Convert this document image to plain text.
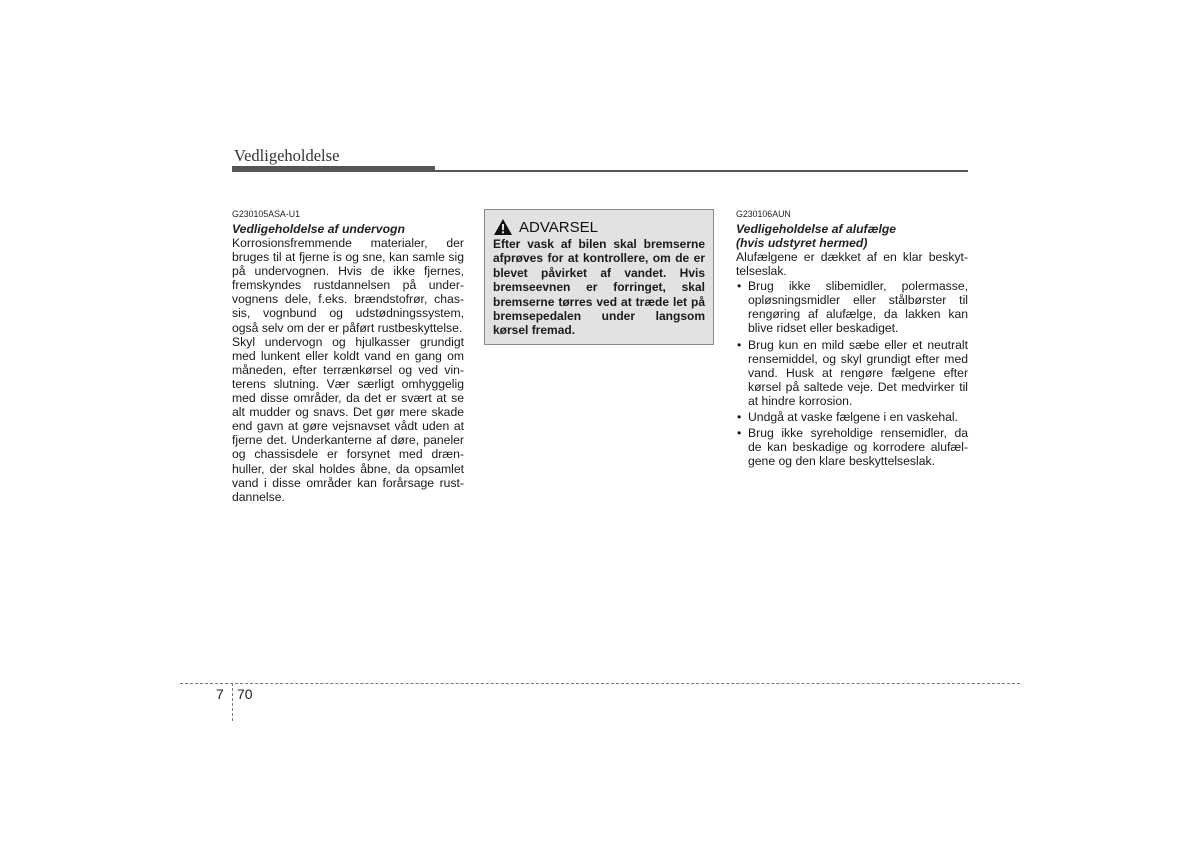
Vedligeholdelse
G230105ASA-U1
Vedligeholdelse af undervogn

Korrosionsfremmende materialer, der bruges til at fjerne is og sne, kan samle sig på undervognen. Hvis de ikke fjernes, fremskyndes rustdannelsen på undervognens dele, f.eks. brændstofrør, chassis, vognbund og udstødningssystem, også selv om der er påført rustbeskyttelse.

Skyl undervogn og hjulkasser grundigt med lunkent eller koldt vand en gang om måneden, efter terrænkørsel og ved vinterens slutning. Vær særligt omhyggelig med disse områder, da det er svært at se alt mudder og snavs. Det gør mere skade end gavn at gøre vejsnavset vådt uden at fjerne det. Underkanterne af døre, paneler og chassisdele er forsynet med drænhuller, der skal holdes åbne, da opsamlet vand i disse områder kan forårsage rustdannelse.

ADVARSEL

Efter vask af bilen skal bremserne afprøves for at kontrollere, om de er blevet påvirket af vandet. Hvis bremseevnen er forringet, skal bremserne tørres ved at træde let på bremsepedalen under langsom kørsel fremad.

G230106AUN
Vedligeholdelse af alufælge
(hvis udstyret hermed)

Alufælgene er dækket af en klar beskyttelseslak.

• Brug ikke slibemidler, polermasse, opløsningsmidler eller stålbørster til rengøring af alufælge, da lakken kan blive ridset eller beskadiget.
• Brug kun en mild sæbe eller et neutralt rensemiddel, og skyl grundigt efter med vand. Husk at rengøre fælgene efter kørsel på saltede veje. Det medvirker til at hindre korrosion.
• Undgå at vaske fælgene i en vaskehal.
• Brug ikke syreholdige rensemidler, da de kan beskadige og korrodere alufælgene og den klare beskyttelseslak.
7 70
